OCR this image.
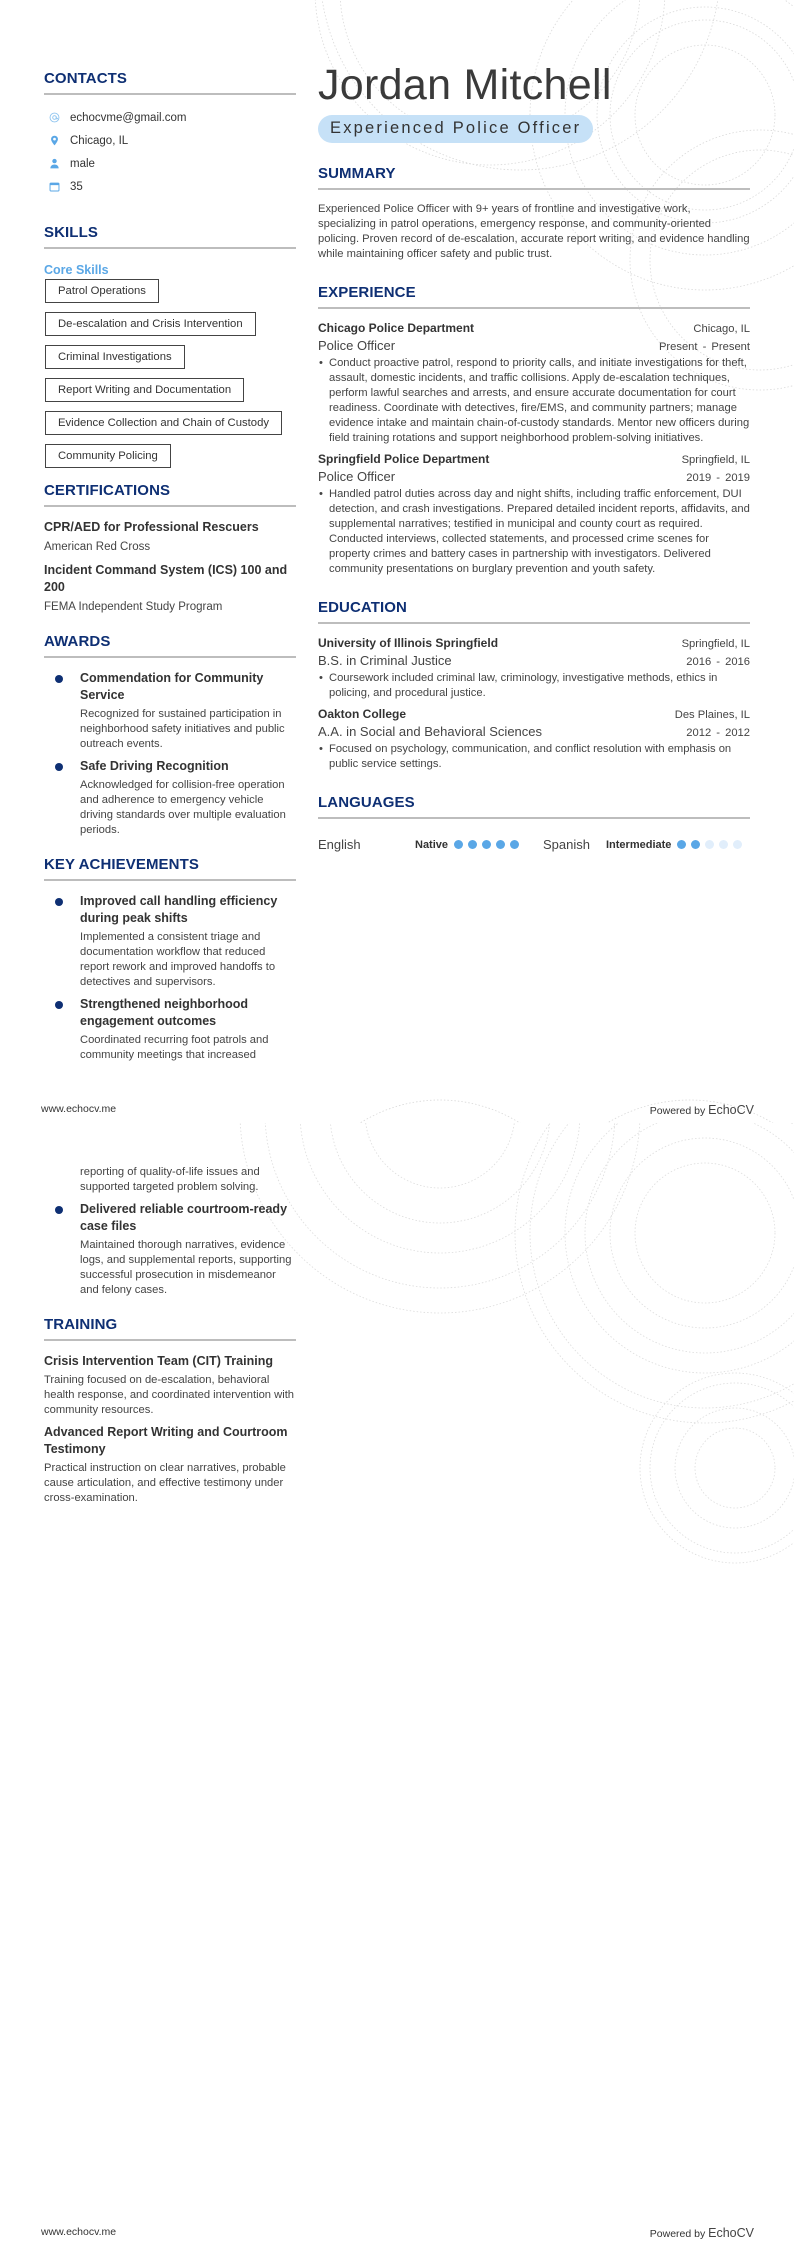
CONTACTS
echocvme@gmail.com
Chicago, IL
male
35
SKILLS
Core Skills
Patrol Operations
De-escalation and Crisis Intervention
Criminal Investigations
Report Writing and Documentation
Evidence Collection and Chain of Custody
Community Policing
CERTIFICATIONS
CPR/AED for Professional Rescuers
American Red Cross
Incident Command System (ICS) 100 and 200
FEMA Independent Study Program
AWARDS
Commendation for Community Service
Recognized for sustained participation in neighborhood safety initiatives and public outreach events.
Safe Driving Recognition
Acknowledged for collision-free operation and adherence to emergency vehicle driving standards over multiple evaluation periods.
KEY ACHIEVEMENTS
Improved call handling efficiency during peak shifts
Implemented a consistent triage and documentation workflow that reduced report rework and improved handoffs to detectives and supervisors.
Strengthened neighborhood engagement outcomes
Coordinated recurring foot patrols and community meetings that increased
Jordan Mitchell
Experienced Police Officer
SUMMARY
Experienced Police Officer with 9+ years of frontline and investigative work, specializing in patrol operations, emergency response, and community-oriented policing. Proven record of de-escalation, accurate report writing, and evidence handling while maintaining officer safety and public trust.
EXPERIENCE
Chicago Police Department	Chicago, IL
Police Officer	Present - Present
• Conduct proactive patrol, respond to priority calls, and initiate investigations for theft, assault, domestic incidents, and traffic collisions. Apply de-escalation techniques, perform lawful searches and arrests, and ensure accurate documentation for court readiness. Coordinate with detectives, fire/EMS, and community partners; manage evidence intake and maintain chain-of-custody standards. Mentor new officers during field training rotations and support neighborhood problem-solving initiatives.
Springfield Police Department	Springfield, IL
Police Officer	2019 - 2019
• Handled patrol duties across day and night shifts, including traffic enforcement, DUI detection, and crash investigations. Prepared detailed incident reports, affidavits, and supplemental narratives; testified in municipal and county court as required. Conducted interviews, collected statements, and processed crime scenes for property crimes and battery cases in partnership with investigators. Delivered community presentations on burglary prevention and youth safety.
EDUCATION
University of Illinois Springfield	Springfield, IL
B.S. in Criminal Justice	2016 - 2016
• Coursework included criminal law, criminology, investigative methods, ethics in policing, and procedural justice.
Oakton College	Des Plaines, IL
A.A. in Social and Behavioral Sciences	2012 - 2012
• Focused on psychology, communication, and conflict resolution with emphasis on public service settings.
LANGUAGES
English	Native	Spanish Intermediate
www.echocv.me	Powered by EchoCV
reporting of quality-of-life issues and supported targeted problem solving.
Delivered reliable courtroom-ready case files
Maintained thorough narratives, evidence logs, and supplemental reports, supporting successful prosecution in misdemeanor and felony cases.
TRAINING
Crisis Intervention Team (CIT) Training
Training focused on de-escalation, behavioral health response, and coordinated intervention with community resources.
Advanced Report Writing and Courtroom Testimony
Practical instruction on clear narratives, probable cause articulation, and effective testimony under cross-examination.
www.echocv.me	Powered by EchoCV
